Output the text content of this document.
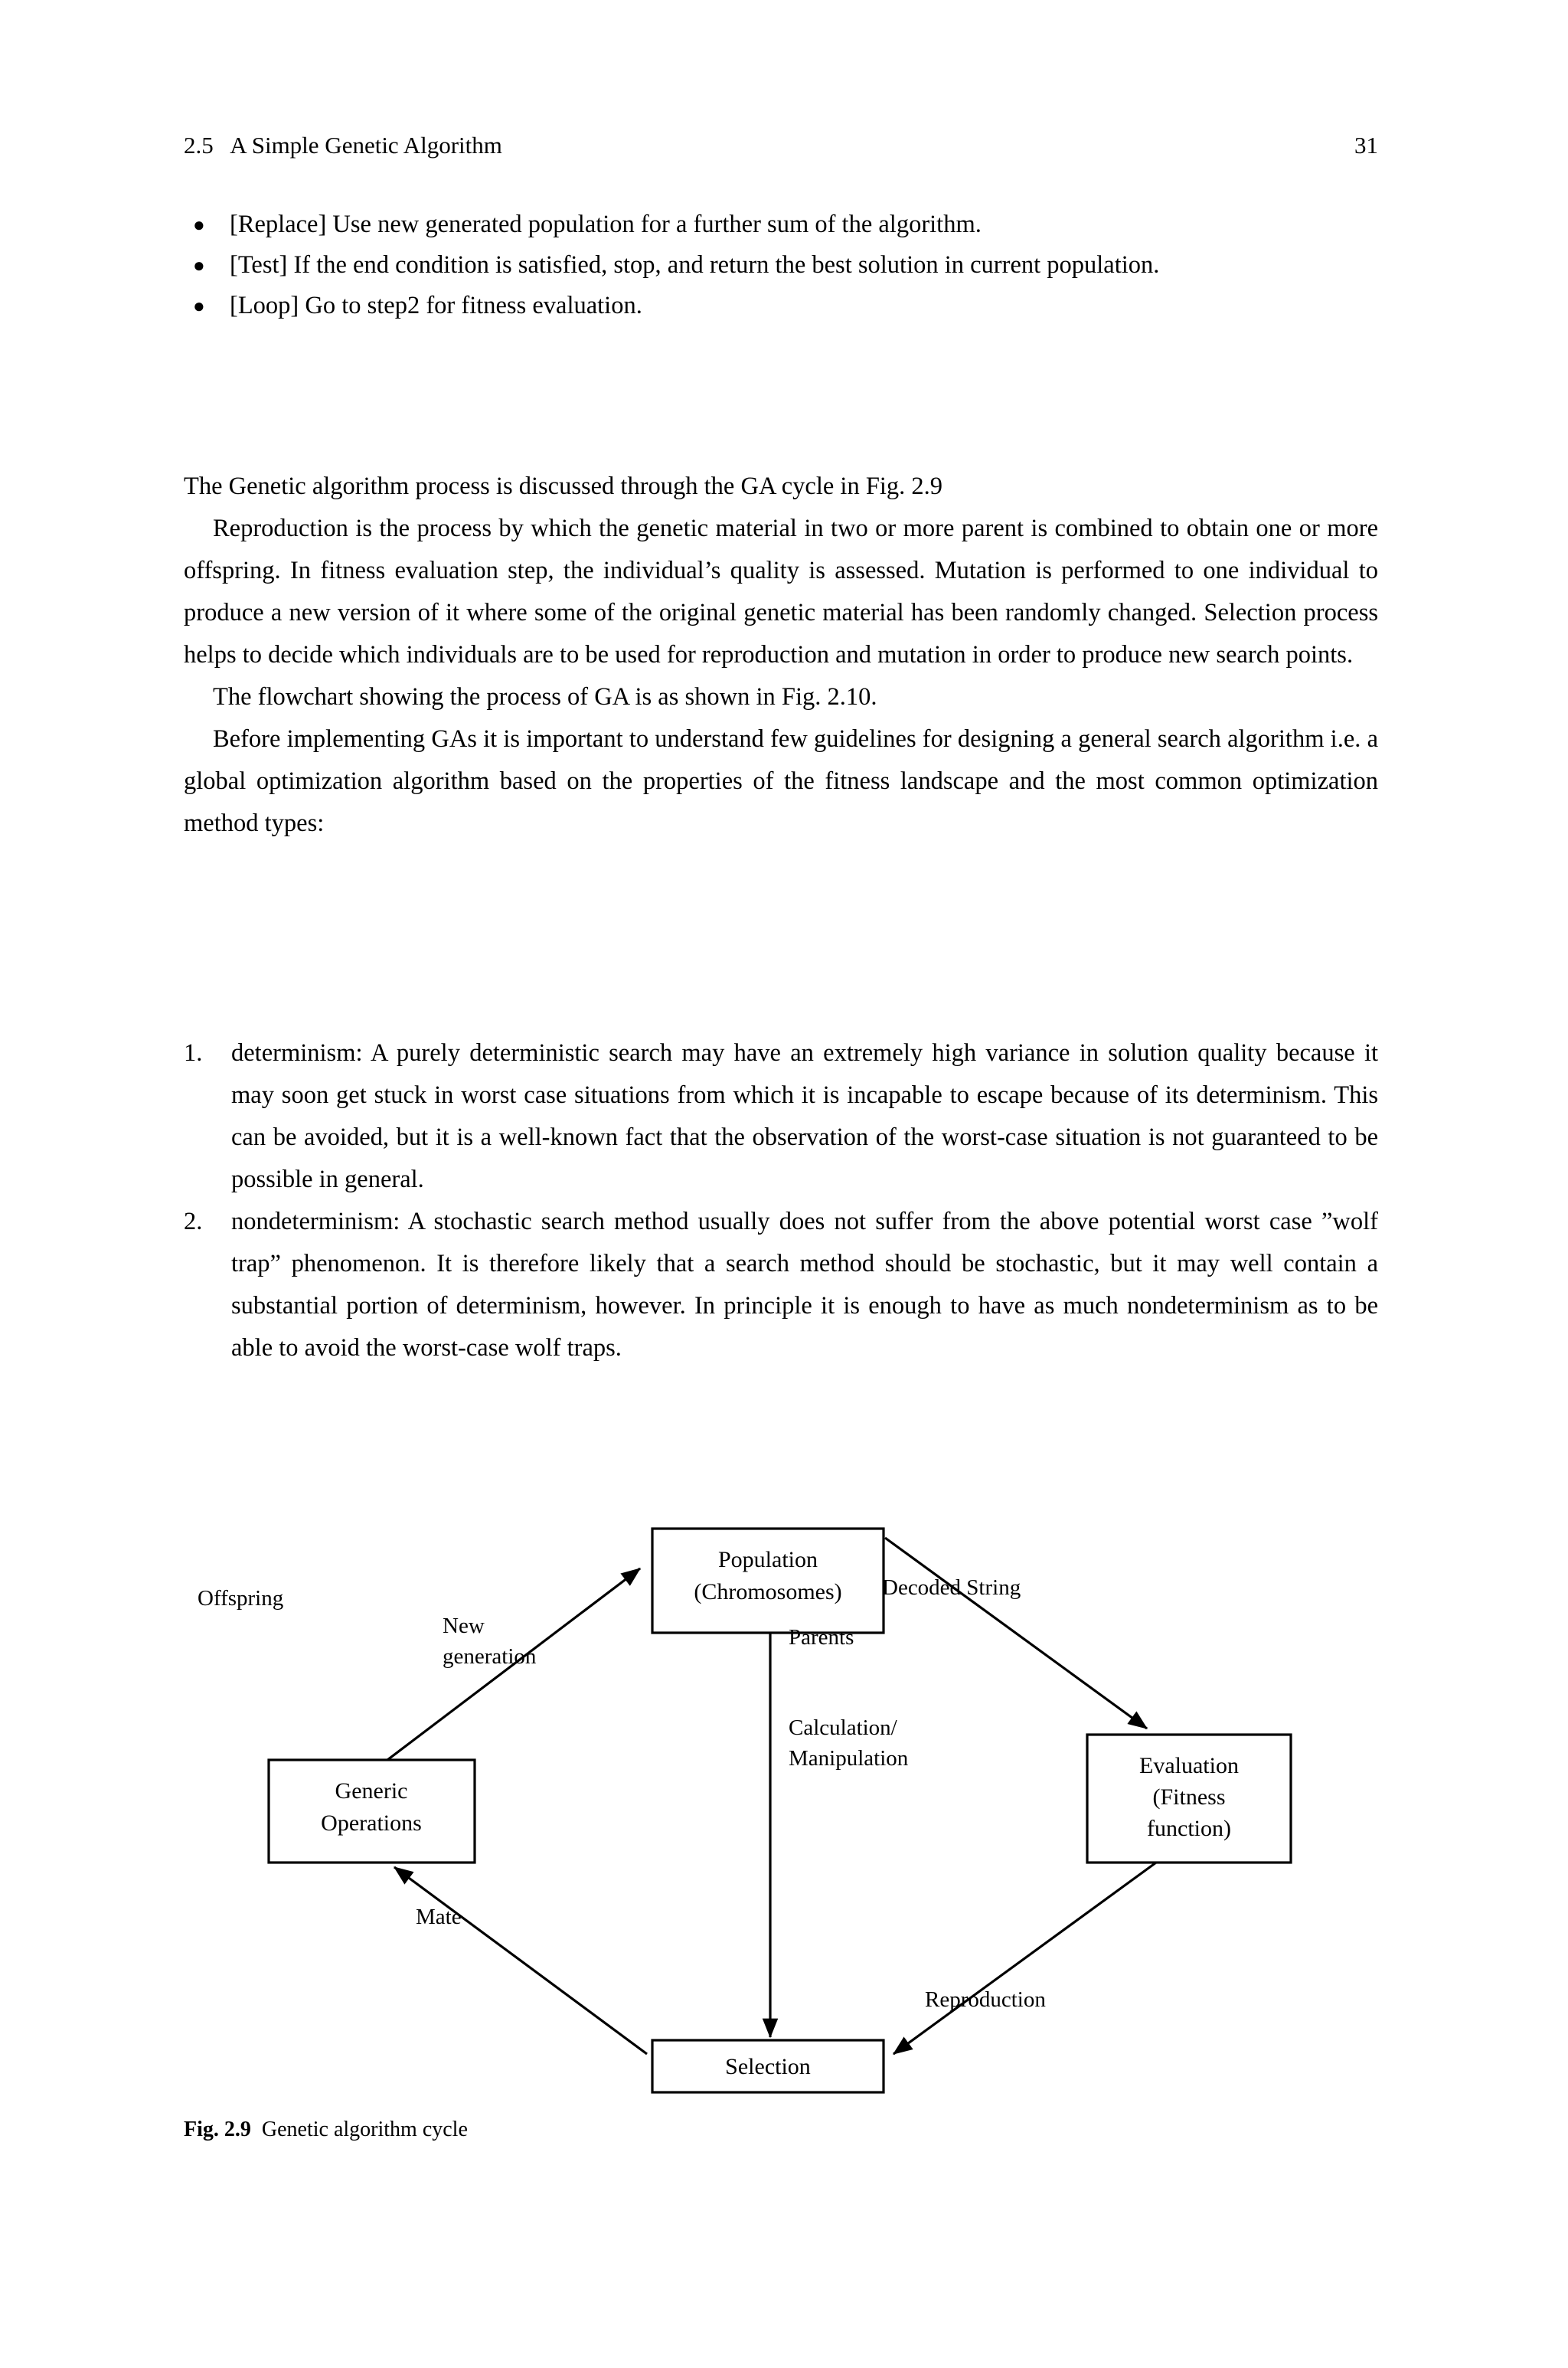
2.5   A Simple Genetic Algorithm	31
● [Replace] Use new generated population for a further sum of the algorithm.
● [Test] If the end condition is satisfied, stop, and return the best solution in current population.
● [Loop] Go to step2 for fitness evaluation.

The Genetic algorithm process is discussed through the GA cycle in Fig. 2.9

Reproduction is the process by which the genetic material in two or more parent is combined to obtain one or more offspring. In fitness evaluation step, the individual’s quality is assessed. Mutation is performed to one individual to produce a new version of it where some of the original genetic material has been randomly changed. Selection process helps to decide which individuals are to be used for reproduction and mutation in order to produce new search points.

The flowchart showing the process of GA is as shown in Fig. 2.10.

Before implementing GAs it is important to understand few guidelines for designing a general search algorithm i.e. a global optimization algorithm based on the properties of the fitness landscape and the most common optimization method types:

1.	determinism: A purely deterministic search may have an extremely high variance in solution quality because it may soon get stuck in worst case situations from which it is incapable to escape because of its determinism. This can be avoided, but it is a well-known fact that the observation of the worst-case situation is not guaranteed to be possible in general.
2.	nondeterminism: A stochastic search method usually does not suffer from the above potential worst case ”wolf trap” phenomenon. It is therefore likely that a search method should be stochastic, but it may well contain a substantial portion of determinism, however. In principle it is enough to have as much nondeterminism as to be able to avoid the worst-case wolf traps.
Population
(Chromosomes)
Generic
Operations
Evaluation
(Fitness
function)
Selection
Offspring
New
generation
Decoded String
Parents
Calculation/
Manipulation
Mate
Reproduction
Fig. 2.9 Genetic algorithm cycle
